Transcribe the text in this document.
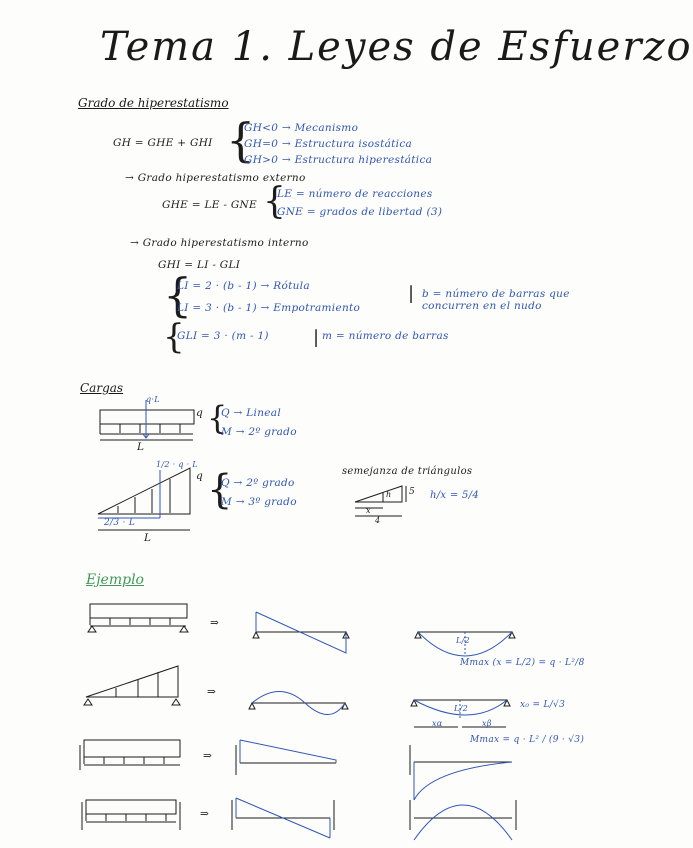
Tema 1. Leyes de Esfuerzo
Grado de hiperestatismo
GH = GHE + GHI {
GH<0 → Mecanismo
GH=0 → Estructura isostática
GH>0 → Estructura hiperestática
→ Grado hiperestatismo externo
GHE = LE - GNE {
LE = número de reacciones
GNE = grados de libertad (3)
→ Grado hiperestatismo interno
GHI = LI - GLI
{
LI = 2 · (b - 1) → Rótula
LI = 3 · (b - 1) → Empotramiento
| b = número de barras que
concurren en el nudo
{
GLI = 3 · (m - 1) | m = número de barras
Cargas
q·L
q {
Q → Lineal
M → 2º grado
L
1/2 · q · L
q {
Q → 2º grado
M → 3º grado
2/3 · L
L
semejanza de triángulos
h 5
x
4
h/x = 5/4
Ejemplo
⇒
⇒
⇒
⇒
L/2
Mmax (x = L/2) = q · L²/8
L/2
xα	xβ
x₀ = L/√3
Mmax = q · L² / (9 · √3)
